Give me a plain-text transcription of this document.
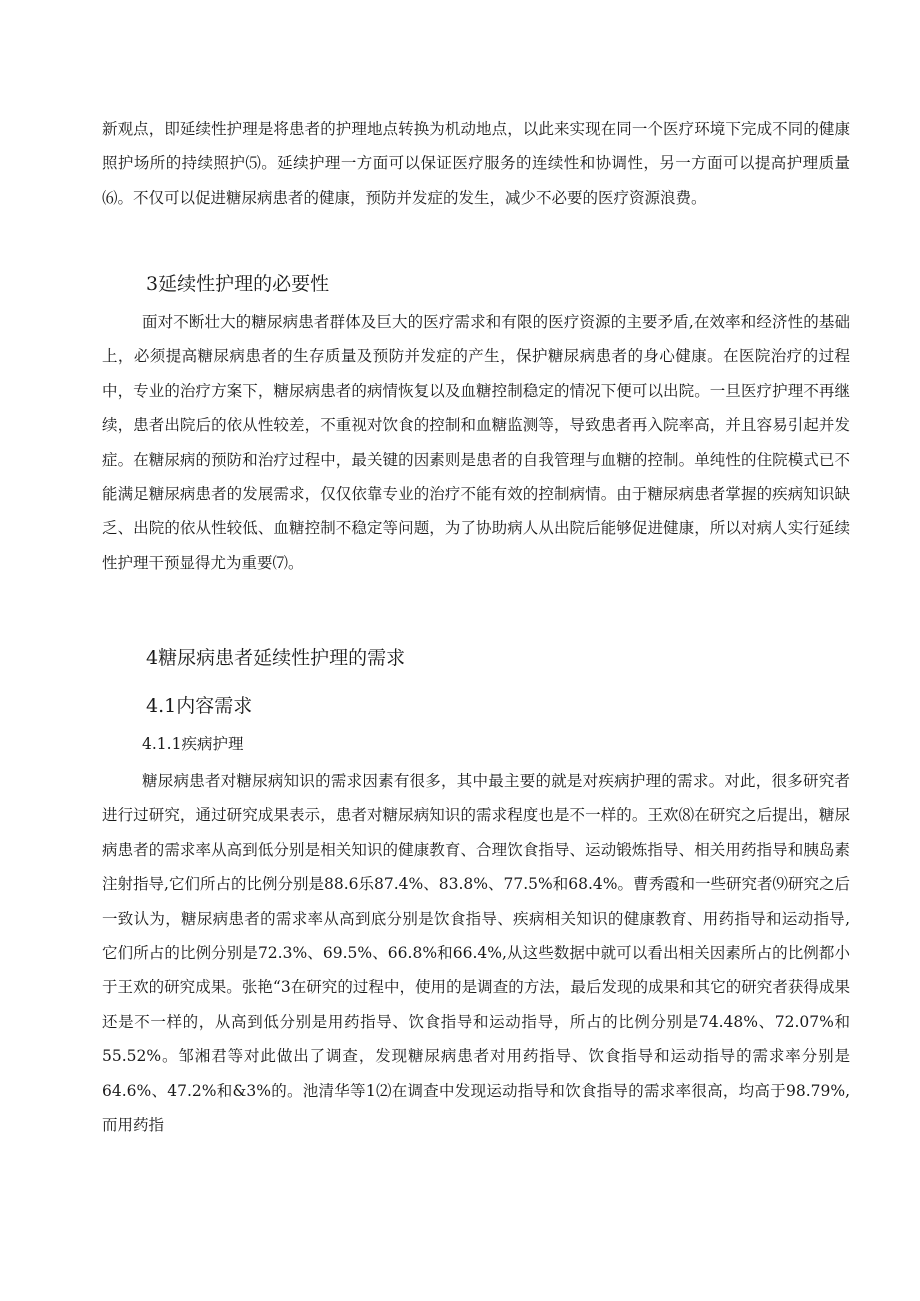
新观点，即延续性护理是将患者的护理地点转换为机动地点，以此来实现在同一个医疗环境下完成不同的健康照护场所的持续照护⑸。延续护理一方面可以保证医疗服务的连续性和协调性，另一方面可以提高护理质量⑹。不仅可以促进糖尿病患者的健康，预防并发症的发生，减少不必要的医疗资源浪费。

3延续性护理的必要性

面对不断壮大的糖尿病患者群体及巨大的医疗需求和有限的医疗资源的主要矛盾,在效率和经济性的基础上，必须提高糖尿病患者的生存质量及预防并发症的产生，保护糖尿病患者的身心健康。在医院治疗的过程中，专业的治疗方案下，糖尿病患者的病情恢复以及血糖控制稳定的情况下便可以出院。一旦医疗护理不再继续，患者出院后的依从性较差，不重视对饮食的控制和血糖监测等，导致患者再入院率高，并且容易引起并发症。在糖尿病的预防和治疗过程中，最关键的因素则是患者的自我管理与血糖的控制。单纯性的住院模式已不能满足糖尿病患者的发展需求，仅仅依靠专业的治疗不能有效的控制病情。由于糖尿病患者掌握的疾病知识缺乏、出院的依从性较低、血糖控制不稳定等问题，为了协助病人从出院后能够促进健康，所以对病人实行延续性护理干预显得尤为重要⑺。

4糖尿病患者延续性护理的需求
4.1内容需求
4.1.1疾病护理

糖尿病患者对糖尿病知识的需求因素有很多，其中最主要的就是对疾病护理的需求。对此，很多研究者进行过研究，通过研究成果表示，患者对糖尿病知识的需求程度也是不一样的。王欢⑻在研究之后提出，糖尿病患者的需求率从高到低分别是相关知识的健康教育、合理饮食指导、运动锻炼指导、相关用药指导和胰岛素注射指导,它们所占的比例分别是88.6乐87.4%、83.8%、77.5%和68.4%。曹秀霞和一些研究者⑼研究之后一致认为，糖尿病患者的需求率从高到底分别是饮食指导、疾病相关知识的健康教育、用药指导和运动指导,它们所占的比例分别是72.3%、69.5%、66.8%和66.4%,从这些数据中就可以看出相关因素所占的比例都小于王欢的研究成果。张艳“3在研究的过程中，使用的是调查的方法，最后发现的成果和其它的研究者获得成果还是不一样的，从高到低分别是用药指导、饮食指导和运动指导，所占的比例分别是74.48%、72.07%和55.52%。邹湘君等对此做出了调查，发现糖尿病患者对用药指导、饮食指导和运动指导的需求率分别是64.6%、47.2%和&3%的。池清华等1⑵在调查中发现运动指导和饮食指导的需求率很高，均高于98.79%,而用药指
